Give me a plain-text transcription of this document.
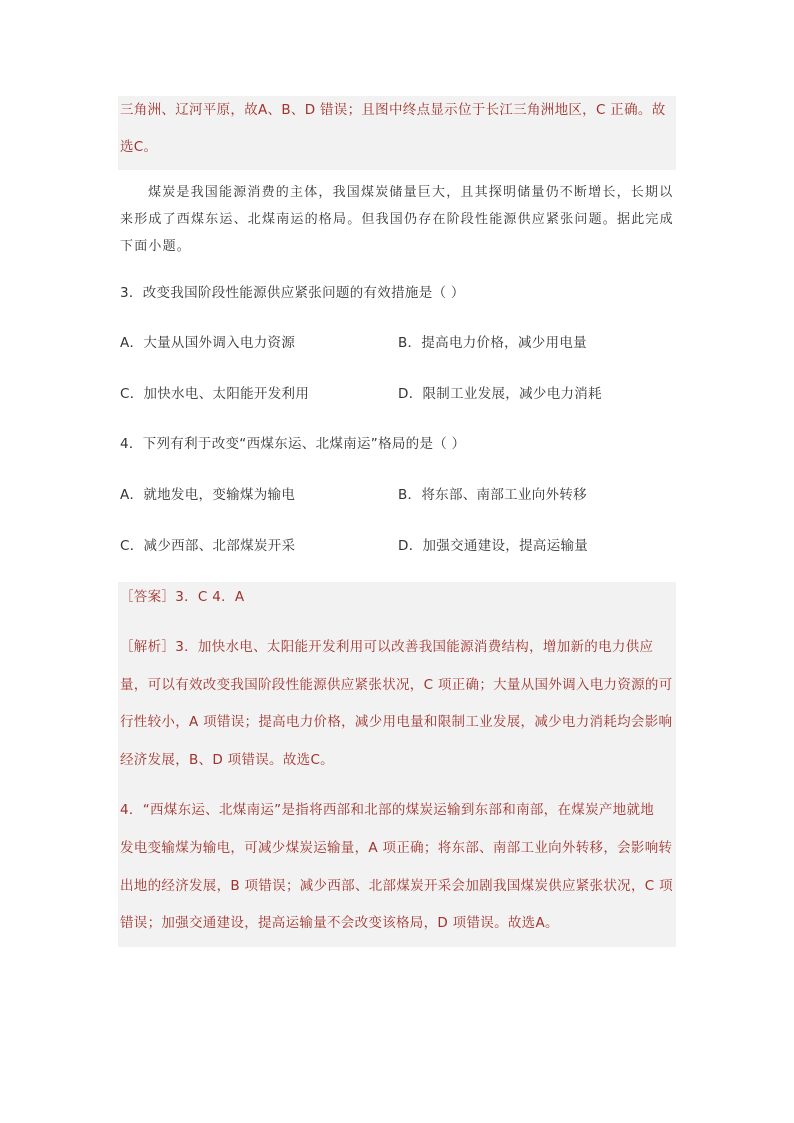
三角洲、辽河平原，故A、B、D 错误；且图中终点显示位于长江三角洲地区，C 正确。故
选C。
煤炭是我国能源消费的主体，我国煤炭储量巨大，且其探明储量仍不断增长，长期以
来形成了西煤东运、北煤南运的格局。但我国仍存在阶段性能源供应紧张问题。据此完成
下面小题。
3．改变我国阶段性能源供应紧张问题的有效措施是（ ）
A．大量从国外调入电力资源	B．提高电力价格，减少用电量
C．加快水电、太阳能开发利用	D．限制工业发展，减少电力消耗
4．下列有利于改变“西煤东运、北煤南运”格局的是（ ）
A．就地发电，变输煤为输电	B．将东部、南部工业向外转移
C．减少西部、北部煤炭开采	D．加强交通建设，提高运输量
［答案］3．C 4．A
［解析］3．加快水电、太阳能开发利用可以改善我国能源消费结构，增加新的电力供应
量，可以有效改变我国阶段性能源供应紧张状况，C 项正确；大量从国外调入电力资源的可
行性较小，A 项错误；提高电力价格，减少用电量和限制工业发展，减少电力消耗均会影响
经济发展，B、D 项错误。故选C。
4．“西煤东运、北煤南运”是指将西部和北部的煤炭运输到东部和南部，在煤炭产地就地
发电变输煤为输电，可减少煤炭运输量，A 项正确；将东部、南部工业向外转移，会影响转
出地的经济发展，B 项错误；减少西部、北部煤炭开采会加剧我国煤炭供应紧张状况，C 项
错误；加强交通建设，提高运输量不会改变该格局，D 项错误。故选A。
